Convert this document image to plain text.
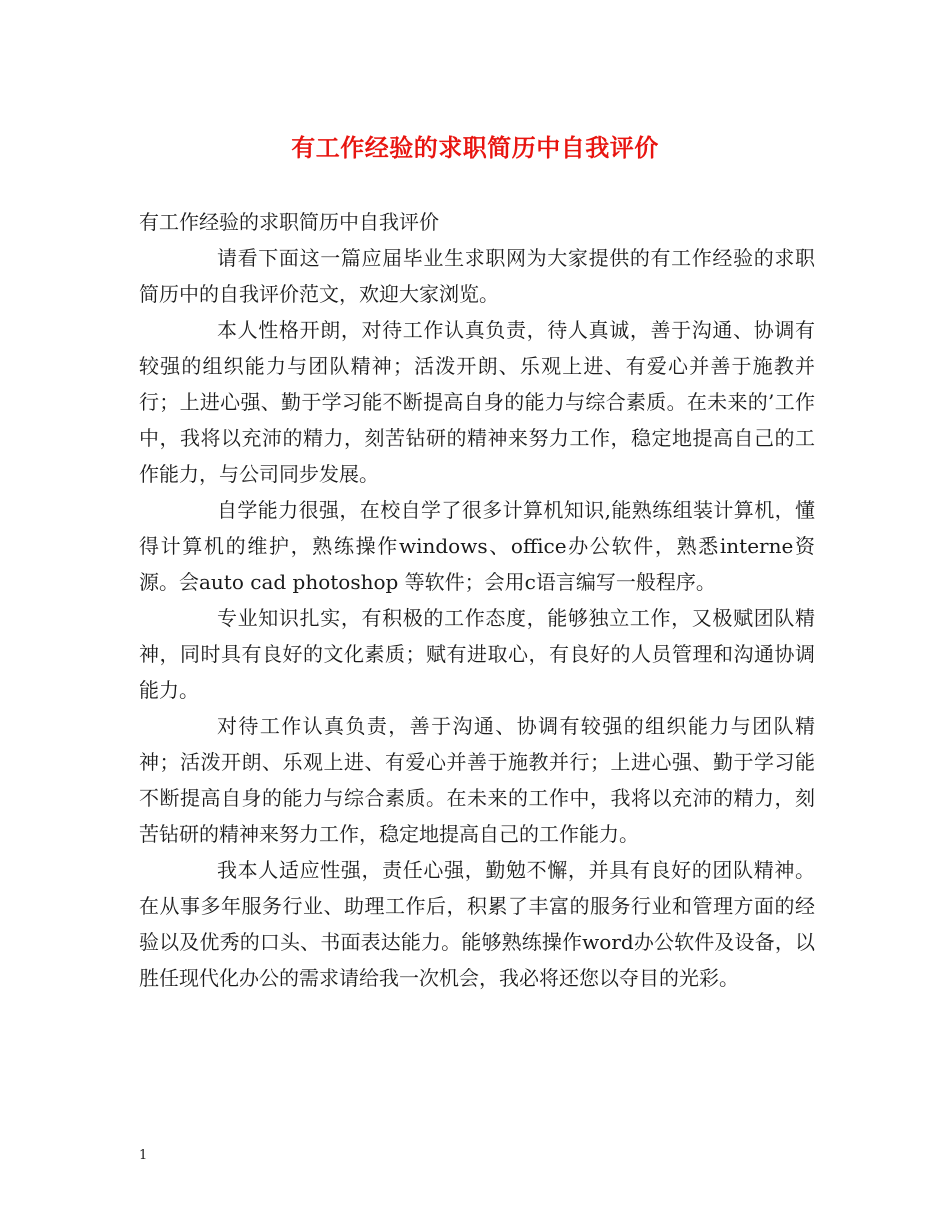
有工作经验的求职简历中自我评价

有工作经验的求职简历中自我评价

请看下面这一篇应届毕业生求职网为大家提供的有工作经验的求职简历中的自我评价范文，欢迎大家浏览。

本人性格开朗，对待工作认真负责，待人真诚，善于沟通、协调有较强的组织能力与团队精神；活泼开朗、乐观上进、有爱心并善于施教并行；上进心强、勤于学习能不断提高自身的能力与综合素质。在未来的’工作中，我将以充沛的精力，刻苦钻研的精神来努力工作，稳定地提高自己的工作能力，与公司同步发展。

自学能力很强，在校自学了很多计算机知识,能熟练组装计算机，懂得计算机的维护，熟练操作windows、office办公软件，熟悉interne资源。会auto cad photoshop 等软件；会用c语言编写一般程序。

专业知识扎实，有积极的工作态度，能够独立工作，又极赋团队精神，同时具有良好的文化素质；赋有进取心，有良好的人员管理和沟通协调能力。

对待工作认真负责，善于沟通、协调有较强的组织能力与团队精神；活泼开朗、乐观上进、有爱心并善于施教并行；上进心强、勤于学习能不断提高自身的能力与综合素质。在未来的工作中，我将以充沛的精力，刻苦钻研的精神来努力工作，稳定地提高自己的工作能力。

我本人适应性强，责任心强，勤勉不懈，并具有良好的团队精神。在从事多年服务行业、助理工作后，积累了丰富的服务行业和管理方面的经验以及优秀的口头、书面表达能力。能够熟练操作word办公软件及设备，以胜任现代化办公的需求请给我一次机会，我必将还您以夺目的光彩。

1
